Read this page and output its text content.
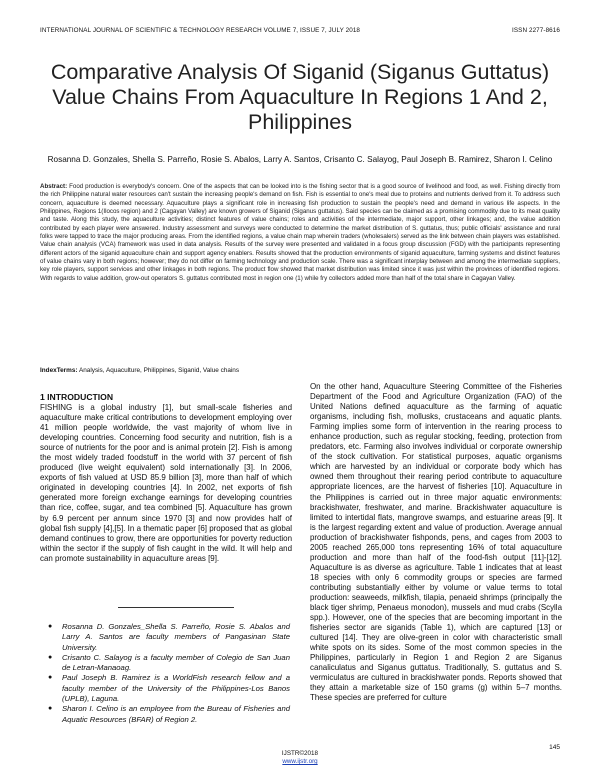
INTERNATIONAL JOURNAL OF SCIENTIFIC & TECHNOLOGY RESEARCH VOLUME 7, ISSUE 7, JULY 2018	ISSN 2277-8616
Comparative Analysis Of Siganid (Siganus Guttatus) Value Chains From Aquaculture In Regions 1 And 2, Philippines
Rosanna D. Gonzales, Shella S. Parreño, Rosie S. Abalos, Larry A. Santos, Crisanto C. Salayog, Paul Joseph B. Ramirez, Sharon I. Celino
Abstract: Food production is everybody's concern. One of the aspects that can be looked into is the fishing sector that is a good source of livelihood and food, as well. Fishing directly from the rich Philippine natural water resources can't sustain the increasing people's demand on fish. Fish is essential to one's meal due to proteins and nutrients derived from it. To address such concern, aquaculture is deemed necessary. Aquaculture plays a significant role in increasing fish production to sustain the people's need and demand in various life aspects. In the Philippines, Regions 1(Ilocos region) and 2 (Cagayan Valley) are known growers of Siganid (Siganus guttatus). Said species can be claimed as a promising commodity due to its meat quality and taste. Along this study, the aquaculture activities; distinct features of value chains; roles and activities of the intermediate, major support, other linkages; and, the value addition contributed by each player were answered. Industry assessment and surveys were conducted to determine the market distribution of S. guttatus, thus; public officials' assistance and rural folks were tapped to trace the major producing areas. From the identified regions, a value chain map wherein traders (wholesalers) served as the link between chain players was established. Value chain analysis (VCA) framework was used in data analysis. Results of the survey were presented and validated in a focus group discussion (FGD) with the participants representing different actors of the siganid aquaculture chain and support agency enablers. Results showed that the production environments of siganid aquaculture, farming systems and distinct features of value chains vary in both regions; however; they do not differ on farming technology and production scale. There was a significant interplay between and among the intermediate suppliers, key role players, support services and other linkages in both regions. The product flow showed that market distribution was limited since it was just within the provinces of identified regions. With regards to value addition, grow-out operators S. guttatus contributed most in region one (1) while fry collectors added more than half of the total share in Cagayan Valley.
IndexTerms: Analysis, Aquaculture, Philippines, Siganid, Value chains
1 INTRODUCTION

FISHING is a global industry [1], but small-scale fisheries and aquaculture make critical contributions to development employing over 41 million people worldwide, the vast majority of whom live in developing countries. Concerning food security and nutrition, fish is a source of nutrients for the poor and is animal protein [2]. Fish is among the most widely traded foodstuff in the world with 37 percent of fish produced (live weight equivalent) sold internationally [3]. In 2006, exports of fish valued at USD 85.9 billion [3], more than half of which originated in developing countries [4]. In 2002, net exports of fish generated more foreign exchange earnings for developing countries than rice, coffee, sugar, and tea combined [5]. Aquaculture has grown by 6.9 percent per annum since 1970 [3] and now provides half of global fish supply [4],[5]. In a thematic paper [6] proposed that as global demand continues to grow, there are opportunities for poverty reduction within the sector if the supply of fish caught in the wild. It will help and can promote sustainability in aquaculture areas [9].

● Rosanna D. Gonzales_Shella S. Parreño, Rosie S. Abalos and Larry A. Santos are faculty members of Pangasinan State University.
● Crisanto C. Salayog is a faculty member of Colegio de San Juan de Letran-Manaoag.
● Paul Joseph B. Ramirez is a WorldFish research fellow and a faculty member of the University of the Philippines-Los Banos (UPLB), Laguna.
● Sharon I. Celino is an employee from the Bureau of Fisheries and Aquatic Resources (BFAR) of Region 2.

On the other hand, Aquaculture Steering Committee of the Fisheries Department of the Food and Agriculture Organization (FAO) of the United Nations defined aquaculture as the farming of aquatic organisms, including fish, mollusks, crustaceans and aquatic plants. Farming implies some form of intervention in the rearing process to enhance production, such as regular stocking, feeding, protection from predators, etc. Farming also involves individual or corporate ownership of the stock cultivation. For statistical purposes, aquatic organisms which are harvested by an individual or corporate body which has owned them throughout their rearing period contribute to aquaculture appropriate licences, are the harvest of fisheries [10]. Aquaculture in the Philippines is carried out in three major aquatic environments: brackishwater, freshwater, and marine. Brackishwater aquaculture is limited to intertidal flats, mangrove swamps, and estuarine areas [9]. It is the largest regarding extent and value of production. Average annual production of brackishwater fishponds, pens, and cages from 2003 to 2005 reached 265,000 tons representing 16% of total aquaculture production and more than half of the food-fish output [11]-[12]. Aquaculture is as diverse as agriculture. Table 1 indicates that at least 18 species with only 6 commodity groups or species are farmed contributing substantially either by volume or value terms to total production: seaweeds, milkfish, tilapia, penaeid shrimps (principally the black tiger shrimp, Penaeus monodon), mussels and mud crabs (Scylla spp.). However, one of the species that are becoming important in the fisheries sector are siganids (Table 1), which are captured [13] or cultured [14]. They are olive-green in color with characteristic small white spots on its sides. Some of the most common species in the Philippines, particularly in Region 1 and Region 2 are Siganus canaliculatus and Siganus guttatus. Traditionally, S. guttatus and S. vermiculatus are cultured in brackishwater ponds. Reports showed that they attain a marketable size of 150 grams (g) within 5–7 months. These species are preferred for culture

145
IJSTR©2018
www.ijstr.org
